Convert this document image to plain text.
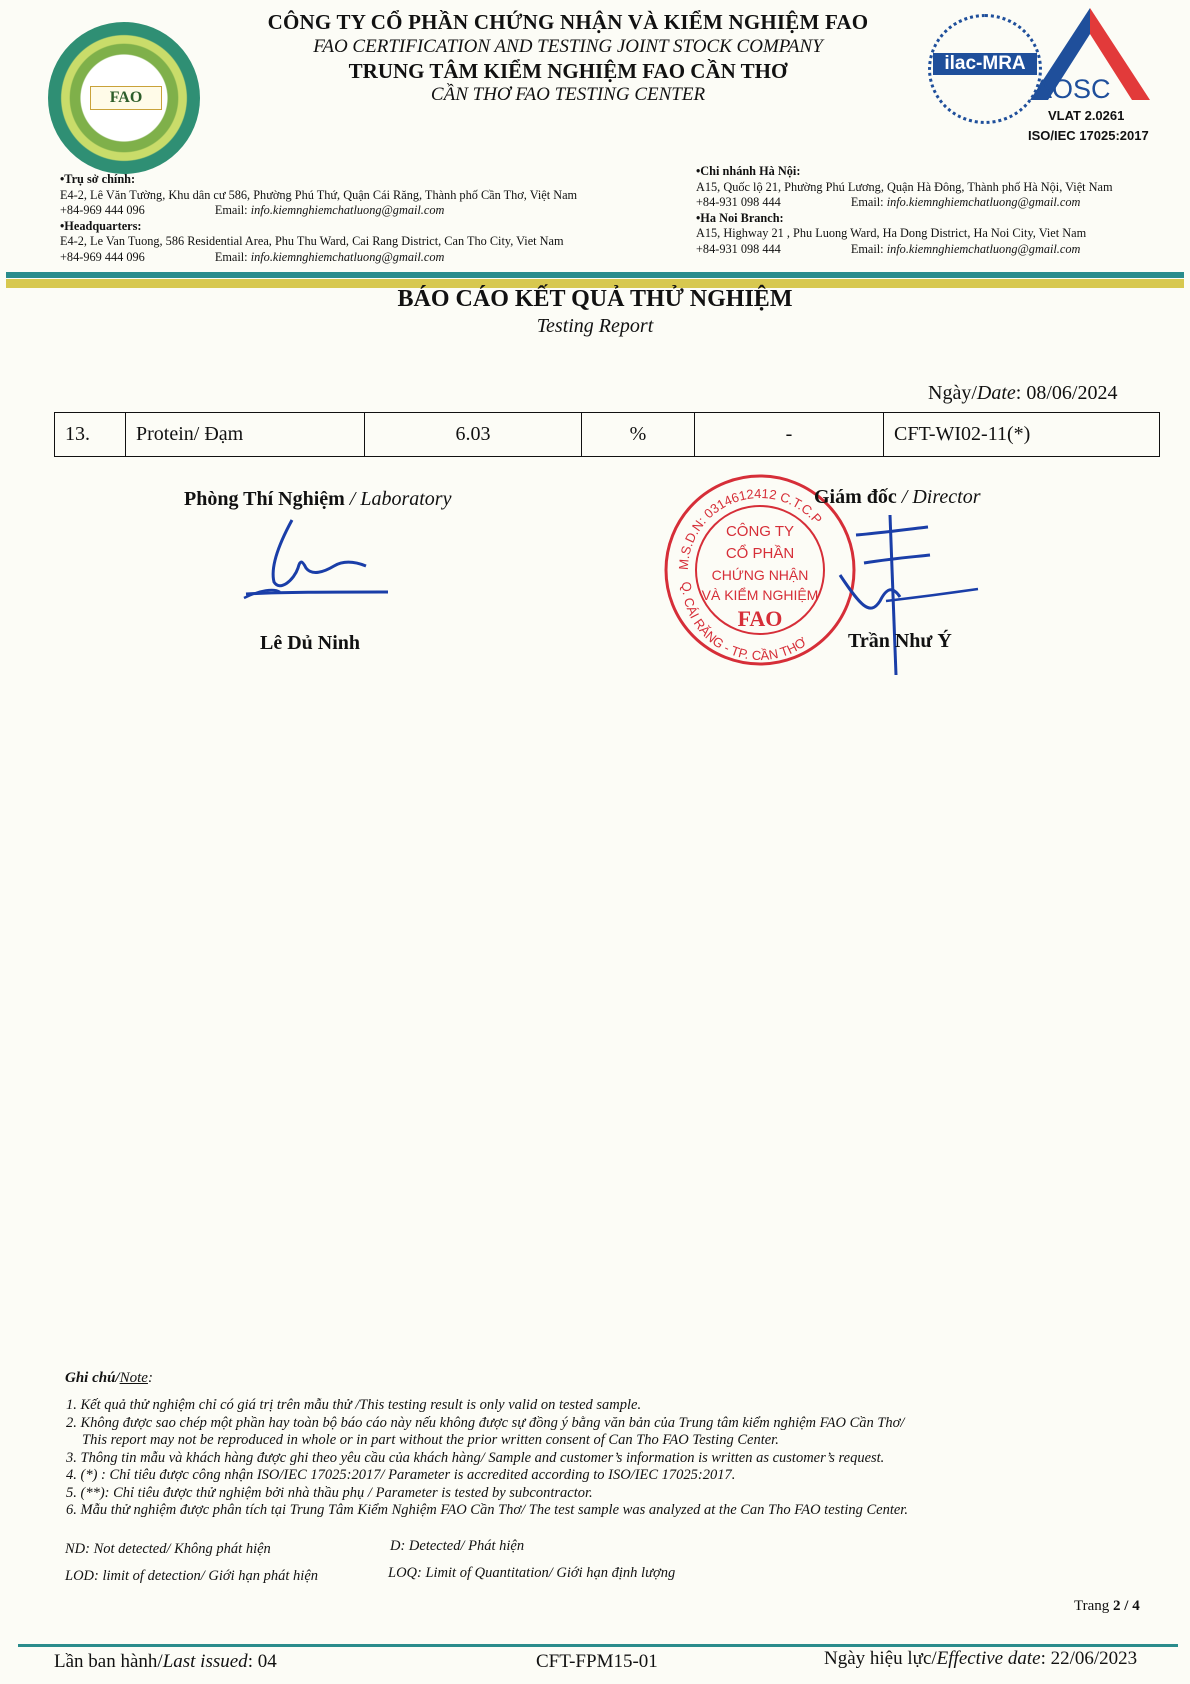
FAO
CÔNG TY CỔ PHẦN CHỨNG NHẬN VÀ KIỂM NGHIỆM FAO
FAO CERTIFICATION AND TESTING JOINT STOCK COMPANY
TRUNG TÂM KIỂM NGHIỆM FAO CẦN THƠ
CẦN THƠ FAO TESTING CENTER
ilac-MRA
AOSC
VLAT 2.0261
ISO/IEC 17025:2017
•Trụ sở chính:
E4-2, Lê Văn Tường, Khu dân cư 586, Phường Phú Thứ, Quận Cái Răng, Thành phố Cần Thơ, Việt Nam
+84-969 444 096	Email: info.kiemnghiemchatluong@gmail.com
•Headquarters:
E4-2, Le Van Tuong, 586 Residential Area, Phu Thu Ward, Cai Rang District, Can Tho City, Viet Nam
+84-969 444 096	Email: info.kiemnghiemchatluong@gmail.com
•Chi nhánh Hà Nội:
A15, Quốc lộ 21, Phường Phú Lương, Quận Hà Đông, Thành phố Hà Nội, Việt Nam
+84-931 098 444	Email: info.kiemnghiemchatluong@gmail.com
•Ha Noi Branch:
A15, Highway 21 , Phu Luong Ward, Ha Dong District, Ha Noi City, Viet Nam
+84-931 098 444	Email: info.kiemnghiemchatluong@gmail.com
BÁO CÁO KẾT QUẢ THỬ NGHIỆM
Testing Report
Ngày/Date: 08/06/2024
13.	Protein/ Đạm	6.03	%	-	CFT-WI02-11(*)
Phòng Thí Nghiệm / Laboratory
Lê Dủ Ninh
M.S.D.N: 0314612412 C.T.C.P
Q. CÁI RĂNG - TP. CẦN THƠ
CÔNG TY
CỔ PHẦN
CHỨNG NHẬN
VÀ KIỂM NGHIỆM
FAO
Giám đốc / Director
Trần Như Ý
Ghi chú/Note:
1. Kết quả thử nghiệm chỉ có giá trị trên mẫu thử /This testing result is only valid on tested sample.
2. Không được sao chép một phần hay toàn bộ báo cáo này nếu không được sự đồng ý bằng văn bản của Trung tâm kiểm nghiệm FAO Cần Thơ/
This report may not be reproduced in whole or in part without the prior written consent of Can Tho FAO Testing Center.
3. Thông tin mẫu và khách hàng được ghi theo yêu cầu của khách hàng/ Sample and customer’s information is written as customer’s request.
4. (*) : Chỉ tiêu được công nhận ISO/IEC 17025:2017/ Parameter is accredited according to ISO/IEC 17025:2017.
5. (**): Chỉ tiêu được thử nghiệm bởi nhà thầu phụ / Parameter is tested by subcontractor.
6. Mẫu thử nghiệm được phân tích tại Trung Tâm Kiểm Nghiệm FAO Cần Thơ/ The test sample was analyzed at the Can Tho FAO testing Center.
ND: Not detected/ Không phát hiện	D: Detected/ Phát hiện
LOD: limit of detection/ Giới hạn phát hiện	LOQ: Limit of Quantitation/ Giới hạn định lượng
Trang 2 / 4
Lần ban hành/Last issued: 04	CFT-FPM15-01	Ngày hiệu lực/Effective date: 22/06/2023
